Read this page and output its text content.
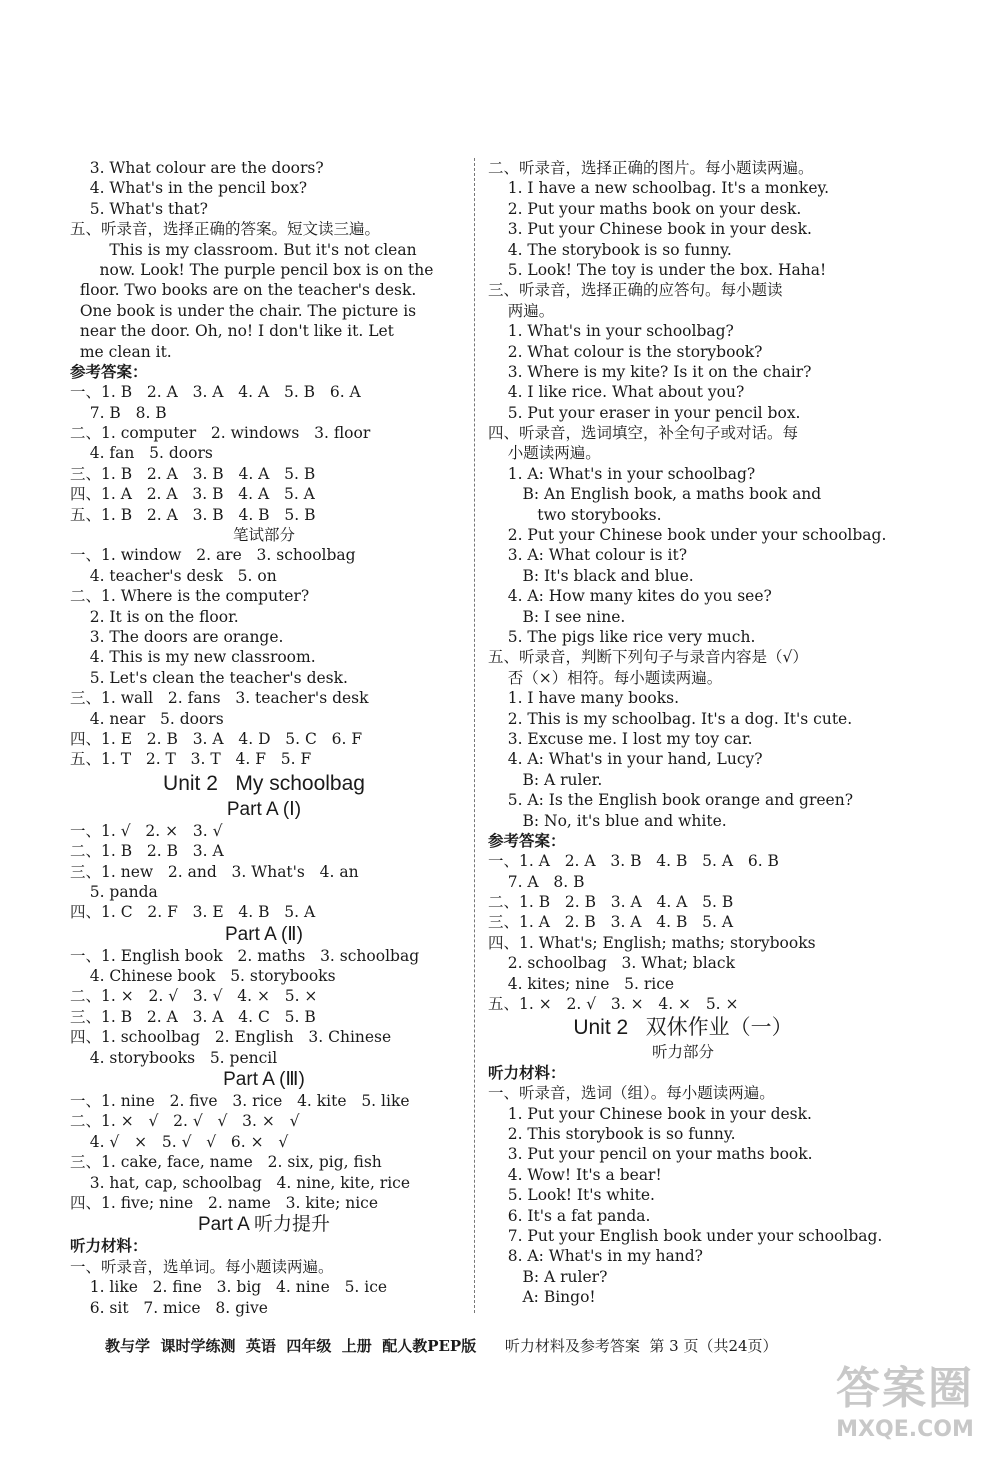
3. What colour are the doors?
4. What's in the pencil box?
5. What's that?
五、听录音，选择正确的答案。短文读三遍。
This is my classroom. But it's not clean
now. Look! The purple pencil box is on the
floor. Two books are on the teacher's desk.
One book is under the chair. The picture is
near the door. Oh, no! I don't like it. Let
me clean it.
参考答案：
一、1. B   2. A   3. A   4. A   5. B   6. A
7. B   8. B
二、1. computer   2. windows   3. floor
4. fan   5. doors
三、1. B   2. A   3. B   4. A   5. B
四、1. A   2. A   3. B   4. A   5. A
五、1. B   2. A   3. B   4. B   5. B
笔试部分
一、1. window   2. are   3. schoolbag
4. teacher's desk   5. on
二、1. Where is the computer?
2. It is on the floor.
3. The doors are orange.
4. This is my new classroom.
5. Let's clean the teacher's desk.
三、1. wall   2. fans   3. teacher's desk
4. near   5. doors
四、1. E   2. B   3. A   4. D   5. C   6. F
五、1. T   2. T   3. T   4. F   5. F
Unit 2   My schoolbag
Part A (Ⅰ)
一、1. √   2. ×   3. √
二、1. B   2. B   3. A
三、1. new   2. and   3. What's   4. an
5. panda
四、1. C   2. F   3. E   4. B   5. A
Part A (Ⅱ)
一、1. English book   2. maths   3. schoolbag
4. Chinese book   5. storybooks
二、1. ×   2. √   3. √   4. ×   5. ×
三、1. B   2. A   3. A   4. C   5. B
四、1. schoolbag   2. English   3. Chinese
4. storybooks   5. pencil
Part A (Ⅲ)
一、1. nine   2. five   3. rice   4. kite   5. like
二、1. ×   √   2. √   √   3. ×   √
4. √   ×   5. √   √   6. ×   √
三、1. cake, face, name   2. six, pig, fish
3. hat, cap, schoolbag   4. nine, kite, rice
四、1. five; nine   2. name   3. kite; nice
Part A 听力提升
听力材料：
一、听录音，选单词。每小题读两遍。
1. like   2. fine   3. big   4. nine   5. ice
6. sit   7. mice   8. give
二、听录音，选择正确的图片。每小题读两遍。
1. I have a new schoolbag. It's a monkey.
2. Put your maths book on your desk.
3. Put your Chinese book in your desk.
4. The storybook is so funny.
5. Look! The toy is under the box. Haha!
三、听录音，选择正确的应答句。每小题读
两遍。
1. What's in your schoolbag?
2. What colour is the storybook?
3. Where is my kite? Is it on the chair?
4. I like rice. What about you?
5. Put your eraser in your pencil box.
四、听录音，选词填空，补全句子或对话。每
小题读两遍。
1. A: What's in your schoolbag?
B: An English book, a maths book and
two storybooks.
2. Put your Chinese book under your schoolbag.
3. A: What colour is it?
B: It's black and blue.
4. A: How many kites do you see?
B: I see nine.
5. The pigs like rice very much.
五、听录音，判断下列句子与录音内容是（√）
否（×）相符。每小题读两遍。
1. I have many books.
2. This is my schoolbag. It's a dog. It's cute.
3. Excuse me. I lost my toy car.
4. A: What's in your hand, Lucy?
B: A ruler.
5. A: Is the English book orange and green?
B: No, it's blue and white.
参考答案：
一、1. A   2. A   3. B   4. B   5. A   6. B
7. A   8. B
二、1. B   2. B   3. A   4. A   5. B
三、1. A   2. B   3. A   4. B   5. A
四、1. What's; English; maths; storybooks
2. schoolbag   3. What; black
4. kites; nine   5. rice
五、1. ×   2. √   3. ×   4. ×   5. ×
Unit 2   双休作业（一）
听力部分
听力材料：
一、听录音，选词（组）。每小题读两遍。
1. Put your Chinese book in your desk.
2. This storybook is so funny.
3. Put your pencil on your maths book.
4. Wow! It's a bear!
5. Look! It's white.
6. It's a fat panda.
7. Put your English book under your schoolbag.
8. A: What's in my hand?
B: A ruler?
A: Bingo!
教与学  课时学练测  英语  四年级  上册  配人教PEP版 听力材料及参考答案 第 3 页（共24页）
答案圈
MXQE.COM
